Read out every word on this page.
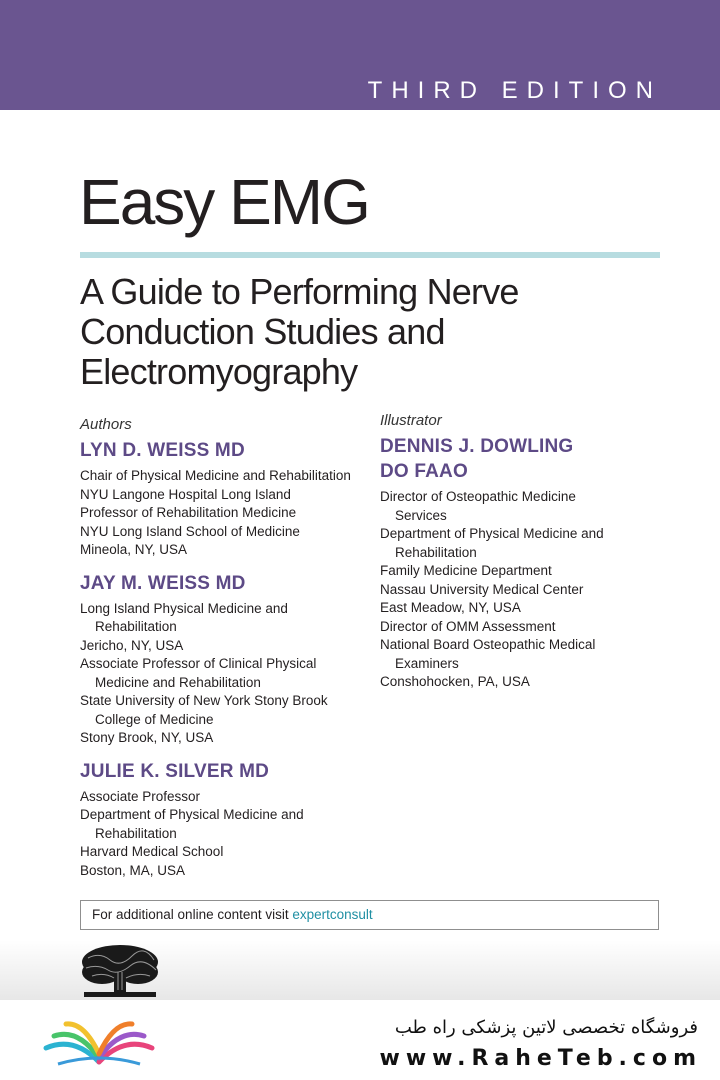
THIRD EDITION
Easy EMG
A Guide to Performing Nerve
Conduction Studies and
Electromyography
Authors
LYN D. WEISS MD
Chair of Physical Medicine and Rehabilitation
NYU Langone Hospital Long Island
Professor of Rehabilitation Medicine
NYU Long Island School of Medicine
Mineola, NY, USA
JAY M. WEISS MD
Long Island Physical Medicine and
Rehabilitation
Jericho, NY, USA
Associate Professor of Clinical Physical
Medicine and Rehabilitation
State University of New York Stony Brook
College of Medicine
Stony Brook, NY, USA
JULIE K. SILVER MD
Associate Professor
Department of Physical Medicine and
Rehabilitation
Harvard Medical School
Boston, MA, USA
Illustrator
DENNIS J. DOWLING
DO FAAO
Director of Osteopathic Medicine
Services
Department of Physical Medicine and
Rehabilitation
Family Medicine Department
Nassau University Medical Center
East Meadow, NY, USA
Director of OMM Assessment
National Board Osteopathic Medical
Examiners
Conshohocken, PA, USA
For additional online content visit expertconsult
فروشگاه تخصصی لاتین پزشکی راه طب
www.RaheTeb.com
